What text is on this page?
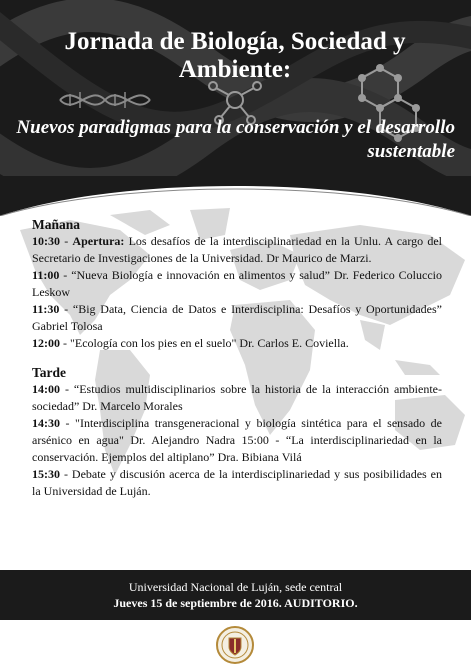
Jornada de Biología, Sociedad y Ambiente:
Nuevos paradigmas para la conservación y el desarrollo sustentable
Mañana

10:30 - Apertura: Los desafíos de la interdisciplinariedad en la Unlu. A cargo del Secretario de Investigaciones de la Universidad. Dr Maurico de Marzi.

11:00 - “Nueva Biología e innovación en alimentos y salud” Dr. Federico Coluccio Leskow

11:30 - “Big Data, Ciencia de Datos e Interdisciplina: Desafíos y Oportunidades” Gabriel Tolosa

12:00 - "Ecología con los pies en el suelo" Dr. Carlos E. Coviella.

Tarde

14:00 - “Estudios multidisciplinarios sobre la historia de la interacción ambiente-sociedad” Dr. Marcelo Morales

14:30 - "Interdisciplina transgeneracional y biología sintética para el sensado de arsénico en agua" Dr. Alejandro Nadra 15:00 - “La interdisciplinariedad en la conservación. Ejemplos del altiplano” Dra. Bibiana Vilá

15:30 - Debate y discusión acerca de la interdisciplinariedad y sus posibilidades en la Universidad de Luján.

Universidad Nacional de Luján, sede central
Jueves 15 de septiembre de 2016. AUDITORIO.
